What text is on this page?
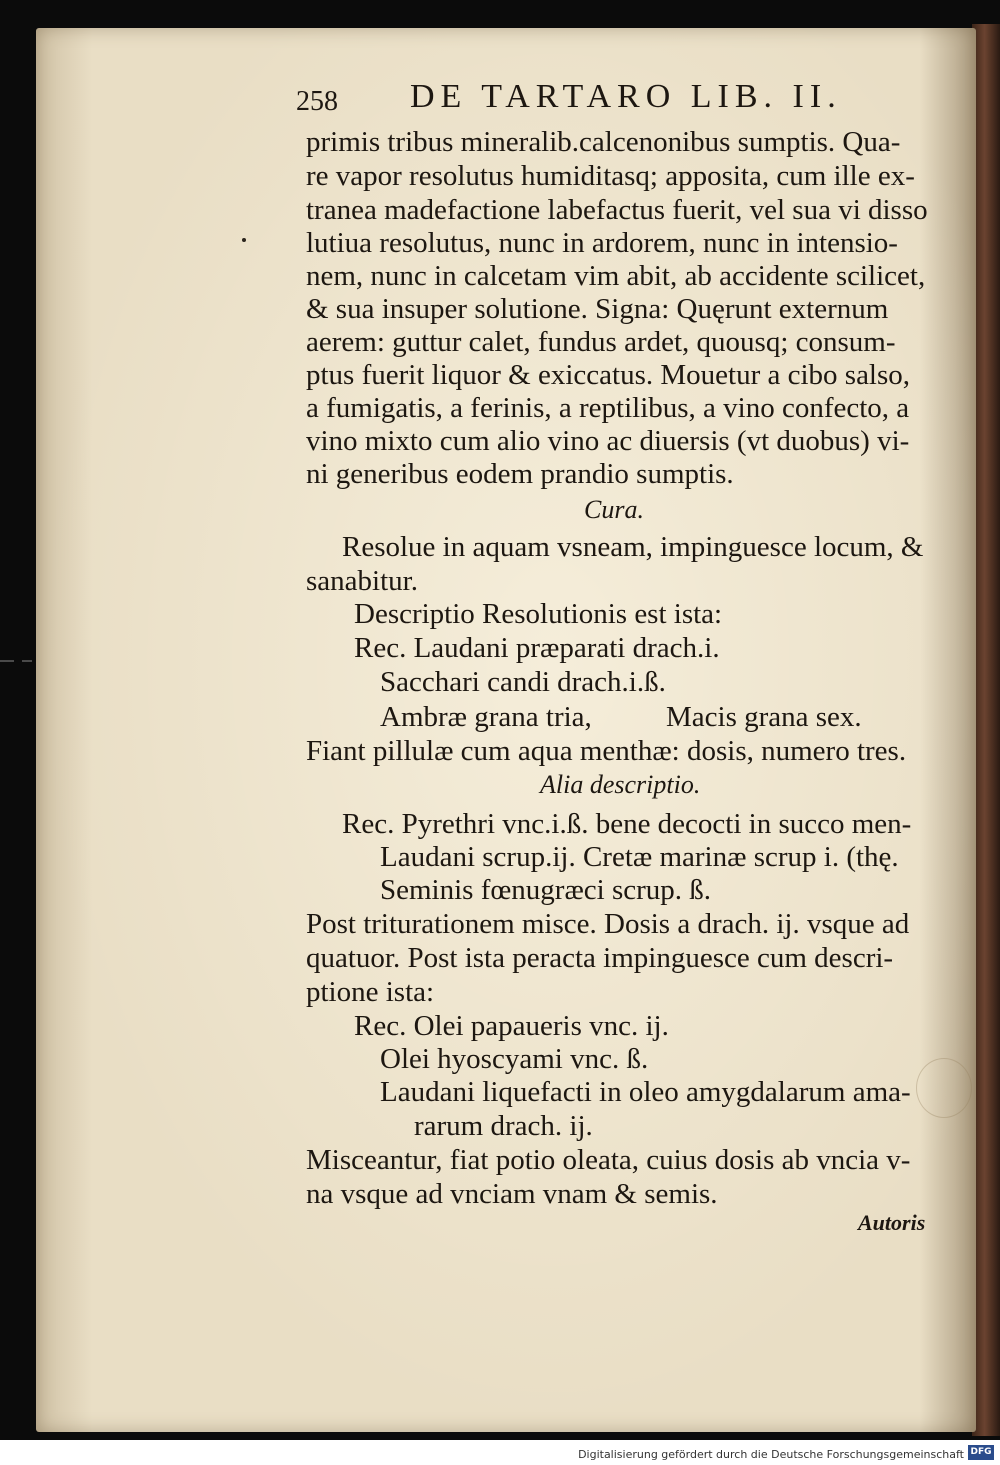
258 DE TARTARO LIB. II.
primis tribus mineralib.calcenonibus sumptis. Qua-
re vapor resolutus humiditasq; apposita, cum ille ex-
tranea madefactione labefactus fuerit, vel sua vi disso
lutiua resolutus, nunc in ardorem, nunc in intensio-
nem, nunc in calcetam vim abit, ab accidente scilicet,
& sua insuper solutione. Signa: Quęrunt externum
aerem: guttur calet, fundus ardet, quousq; consum-
ptus fuerit liquor & exiccatus. Mouetur a cibo salso,
a fumigatis, a ferinis, a reptilibus, a vino confecto, a
vino mixto cum alio vino ac diuersis (vt duobus) vi-
ni generibus eodem prandio sumptis.
Cura.
Resolue in aquam vsneam, impinguesce locum, &
sanabitur.
Descriptio Resolutionis est ista:
Rec. Laudani præparati drach.i.
Sacchari candi drach.i.ß.
Ambræ grana tria,	Macis grana sex.
Fiant pillulæ cum aqua menthæ: dosis, numero tres.
Alia descriptio.
Rec. Pyrethri vnc.i.ß. bene decocti in succo men-
Laudani scrup.ij. Cretæ marinæ scrup i. (thę.
Seminis fœnugræci scrup. ß.
Post triturationem misce. Dosis a drach. ij. vsque ad
quatuor. Post ista peracta impinguesce cum descri-
ptione ista:
Rec. Olei papaueris vnc. ij.
Olei hyoscyami vnc. ß.
Laudani liquefacti in oleo amygdalarum ama-
rarum drach. ij.
Misceantur, fiat potio oleata, cuius dosis ab vncia v-
na vsque ad vnciam vnam & semis.
Autoris
Digitalisierung gefördert durch die Deutsche Forschungsgemeinschaft DFG
